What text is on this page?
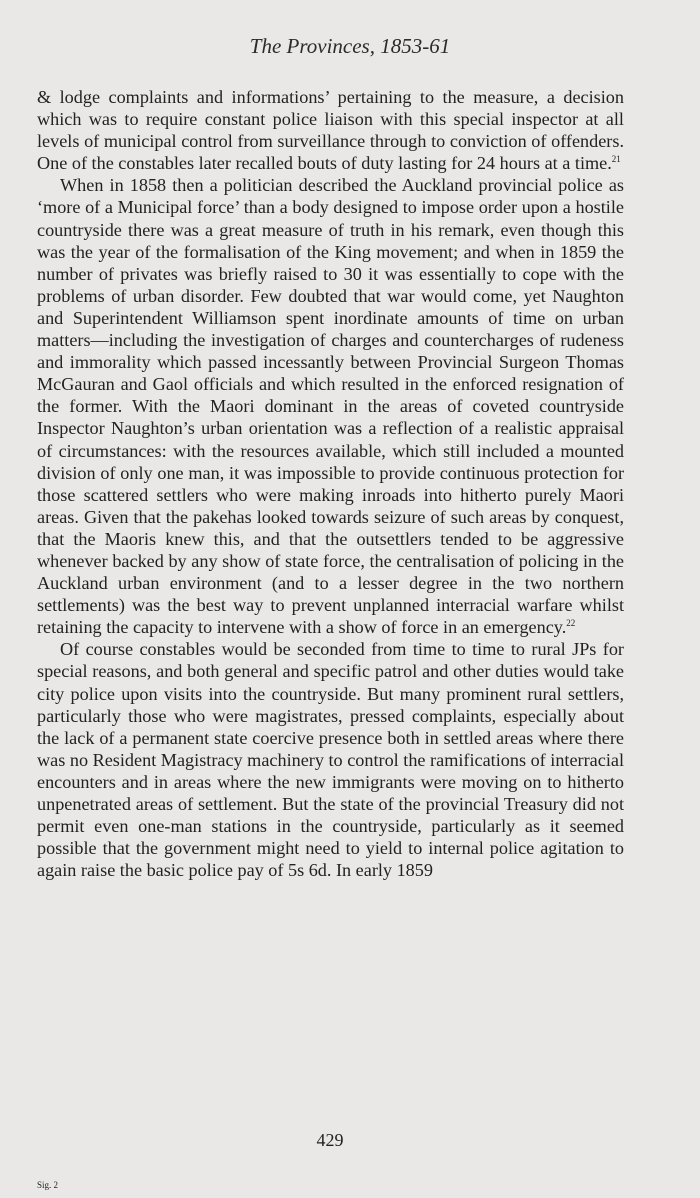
The Provinces, 1853-61

& lodge complaints and informations’ pertaining to the measure, a decision which was to require constant police liaison with this special inspector at all levels of municipal control from surveillance through to conviction of offenders. One of the constables later recalled bouts of duty lasting for 24 hours at a time.$^{21}$

When in 1858 then a politician described the Auckland provincial police as ‘more of a Municipal force’ than a body designed to impose order upon a hostile countryside there was a great measure of truth in his remark, even though this was the year of the formalisation of the King movement; and when in 1859 the number of privates was briefly raised to 30 it was essentially to cope with the problems of urban disorder. Few doubted that war would come, yet Naughton and Superintendent Williamson spent inordinate amounts of time on urban matters—including the investigation of charges and countercharges of rudeness and immorality which passed incessantly between Provincial Surgeon Thomas McGauran and Gaol officials and which resulted in the enforced resignation of the former. With the Maori dominant in the areas of coveted countryside Inspector Naughton’s urban orientation was a reflection of a realistic appraisal of circumstances: with the resources available, which still included a mounted division of only one man, it was impossible to provide continuous protection for those scattered settlers who were making inroads into hitherto purely Maori areas. Given that the pakehas looked towards seizure of such areas by conquest, that the Maoris knew this, and that the outsettlers tended to be aggressive whenever backed by any show of state force, the centralisation of policing in the Auckland urban environment (and to a lesser degree in the two northern settlements) was the best way to prevent unplanned interracial warfare whilst retaining the capacity to intervene with a show of force in an emergency.$^{22}$

Of course constables would be seconded from time to time to rural JPs for special reasons, and both general and specific patrol and other duties would take city police upon visits into the countryside. But many prominent rural settlers, particularly those who were magistrates, pressed complaints, especially about the lack of a permanent state coercive presence both in settled areas where there was no Resident Magistracy machinery to control the ramifications of interracial encounters and in areas where the new immigrants were moving on to hitherto unpenetrated areas of settlement. But the state of the provincial Treasury did not permit even one-man stations in the countryside, particularly as it seemed possible that the government might need to yield to internal police agitation to again raise the basic police pay of 5s 6d. In early 1859

429
Sig. 2
